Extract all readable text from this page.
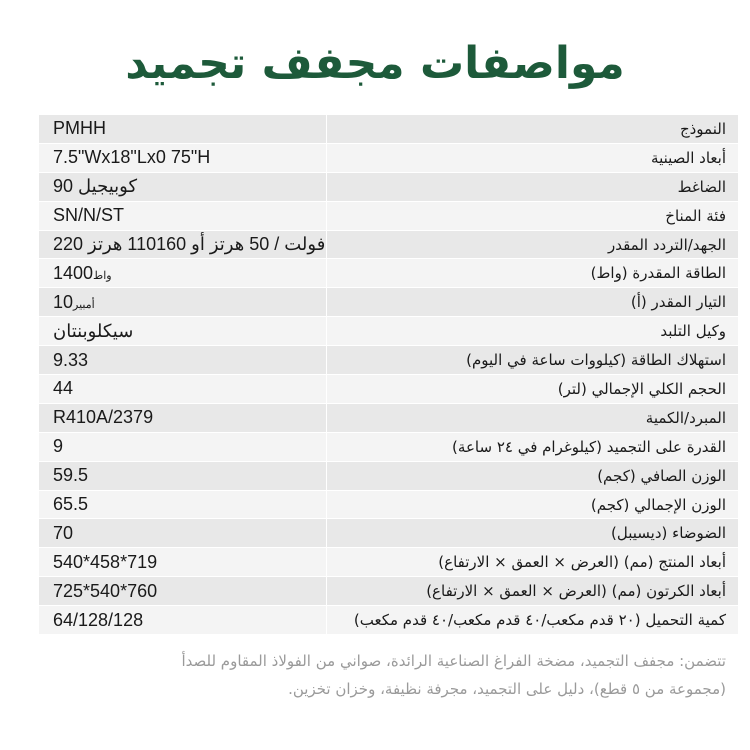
مواصفات مجفف تجميد
PMHH	النموذج
7.5"Wx18"Lx0 75"H	أبعاد الصينية
كوبيجيل 90	الضاغط
SN/N/ST	فئة المناخ
220 فولت / 50 هرتز أو 110160 هرتز	الجهد/التردد المقدر
1400واط	الطاقة المقدرة (واط)
10أمبير	التيار المقدر (أ)
سيكلوبنتان	وكيل التلبد
9.33	استهلاك الطاقة (كيلووات ساعة في اليوم)
44	الحجم الكلي الإجمالي (لتر)
R410A/2379	المبرد/الكمية
9	القدرة على التجميد (كيلوغرام في ٢٤ ساعة)
59.5	الوزن الصافي (كجم)
65.5	الوزن الإجمالي (كجم)
70	الضوضاء (ديسيبل)
540*458*719	أبعاد المنتج (مم) (العرض × العمق × الارتفاع)
725*540*760	أبعاد الكرتون (مم) (العرض × العمق × الارتفاع)
64/128/128	كمية التحميل (٢٠ قدم مكعب/٤٠ قدم مكعب/٤٠ قدم مكعب)
تتضمن: مجفف التجميد، مضخة الفراغ الصناعية الرائدة، صواني من الفولاذ المقاوم للصدأ
(مجموعة من ٥ قطع)، دليل على التجميد، مجرفة نظيفة، وخزان تخزين.
